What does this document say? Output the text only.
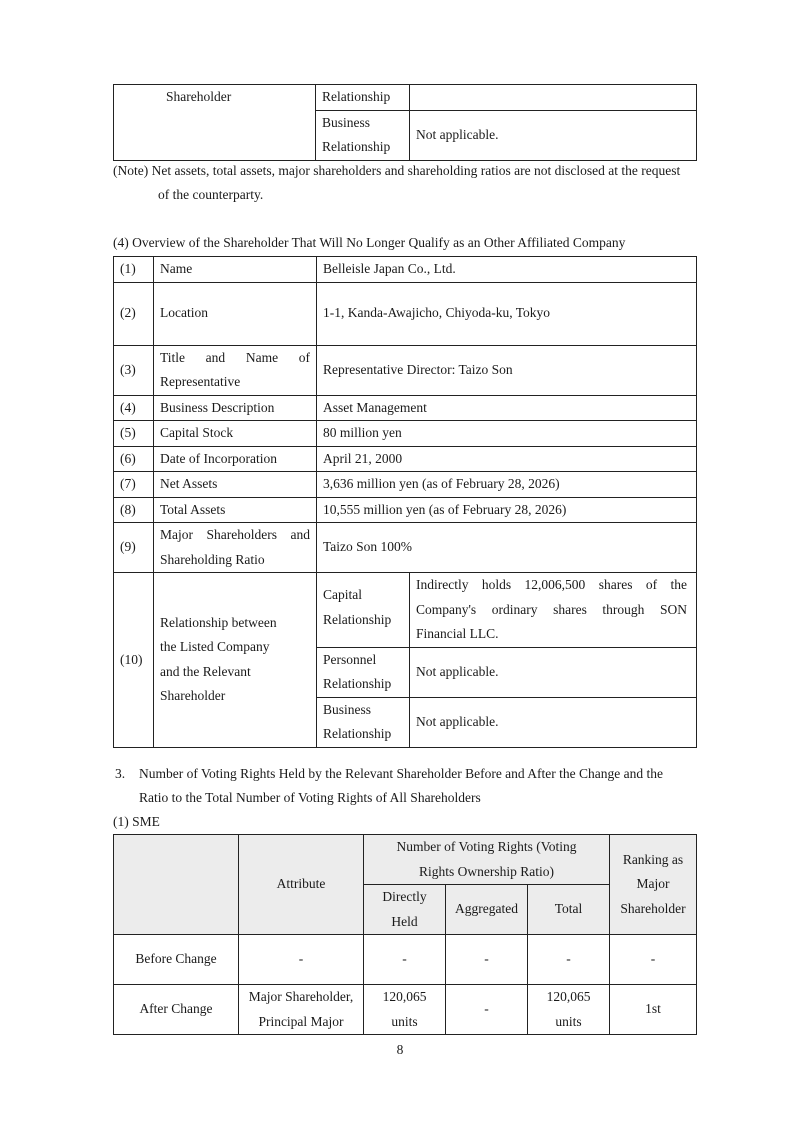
Shareholder	Relationship	
	Business Relationship	Not applicable.
(Note) Net assets, total assets, major shareholders and shareholding ratios are not disclosed at the request
of the counterparty.
(4) Overview of the Shareholder That Will No Longer Qualify as an Other Affiliated Company
(1)	Name	Belleisle Japan Co., Ltd.	
(2)	Location	1-1, Kanda-Awajicho, Chiyoda-ku, Tokyo	
(3)	Title and Name of Representative	Representative Director: Taizo Son	
(4)	Business Description	Asset Management	
(5)	Capital Stock	80 million yen	
(6)	Date of Incorporation	April 21, 2000	
(7)	Net Assets	3,636 million yen (as of February 28, 2026)	
(8)	Total Assets	10,555 million yen (as of February 28, 2026)	
(9)	Major Shareholders and Shareholding Ratio	Taizo Son 100%	
(10)	Relationship between the Listed Company and the Relevant Shareholder	Capital Relationship	Indirectly holds 12,006,500 shares of the Company's ordinary shares through SON Financial LLC.
		Personnel Relationship	Not applicable.
		Business Relationship	Not applicable.
3. Number of Voting Rights Held by the Relevant Shareholder Before and After the Change and the
Ratio to the Total Number of Voting Rights of All Shareholders
(1) SME
	Attribute	Number of Voting Rights (Voting Rights Ownership Ratio)			Ranking as Major Shareholder
		Directly Held	Aggregated	Total	
Before Change	-	-	-	-	-
After Change	Major Shareholder, Principal Major	120,065 units	-	120,065 units	1st
8
